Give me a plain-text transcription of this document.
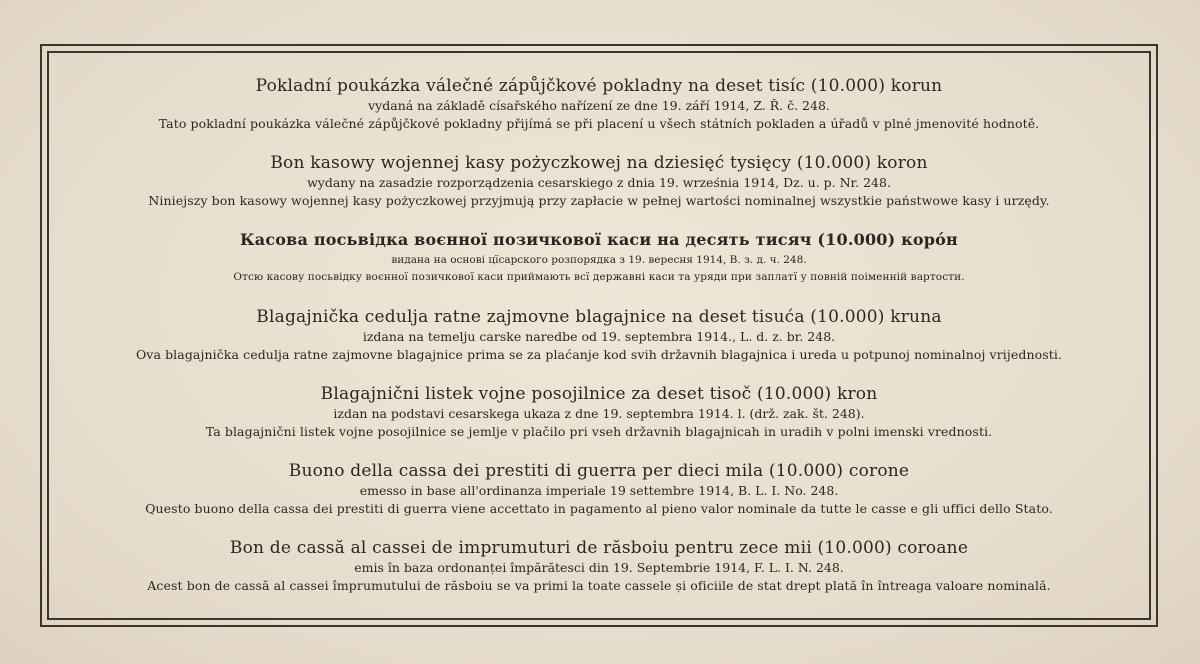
Pokladní poukázka válečné zápůjčkové pokladny na deset tisíc (10.000) korun
vydaná na základě císařského nařízení ze dne 19. září 1914, Z. Ř. č. 248.
Tato pokladní poukázka válečné zápůjčkové pokladny přijímá se při placení u všech státních pokladen a úřadů v plné jmenovité hodnotě.
Bon kasowy wojennej kasy pożyczkowej na dziesięć tysięcy (10.000) koron
wydany na zasadzie rozporządzenia cesarskiego z dnia 19. września 1914, Dz. u. p. Nr. 248.
Niniejszy bon kasowy wojennej kasy pożyczkowej przyjmują przy zapłacie w pełnej wartości nominalnej wszystkie państwowe kasy i urzędy.
Касова посьвідка воєнної позичкової каси на десять тисяч (10.000) корóн
видана на основі цїсарского розпорядка з 19. вересня 1914, В. з. д. ч. 248.
Отсю касову посьвідку воєнної позичкової каси приймають всї державні каси та уряди при заплатї у повній поіменній вартости.
Blagajnička cedulja ratne zajmovne blagajnice na deset tisuća (10.000) kruna
izdana na temelju carske naredbe od 19. septembra 1914., L. d. z. br. 248.
Ova blagajnička cedulja ratne zajmovne blagajnice prima se za plaćanje kod svih državnih blagajnica i ureda u potpunoj nominalnoj vrijednosti.
Blagajnični listek vojne posojilnice za deset tisoč (10.000) kron
izdan na podstavi cesarskega ukaza z dne 19. septembra 1914. l. (drž. zak. št. 248).
Ta blagajnični listek vojne posojilnice se jemlje v plačilo pri vseh državnih blagajnicah in uradih v polni imenski vrednosti.
Buono della cassa dei prestiti di guerra per dieci mila (10.000) corone
emesso in base all'ordinanza imperiale 19 settembre 1914, B. L. I. No. 248.
Questo buono della cassa dei prestiti di guerra viene accettato in pagamento al pieno valor nominale da tutte le casse e gli uffici dello Stato.
Bon de cassă al cassei de imprumuturi de răsboiu pentru zece mii (10.000) coroane
emis în baza ordonanței împărătesci din 19. Septembrie 1914, F. L. I. N. 248.
Acest bon de cassă al cassei împrumutului de răsboiu se va primi la toate cassele și oficiile de stat drept plată în întreaga valoare nominală.
